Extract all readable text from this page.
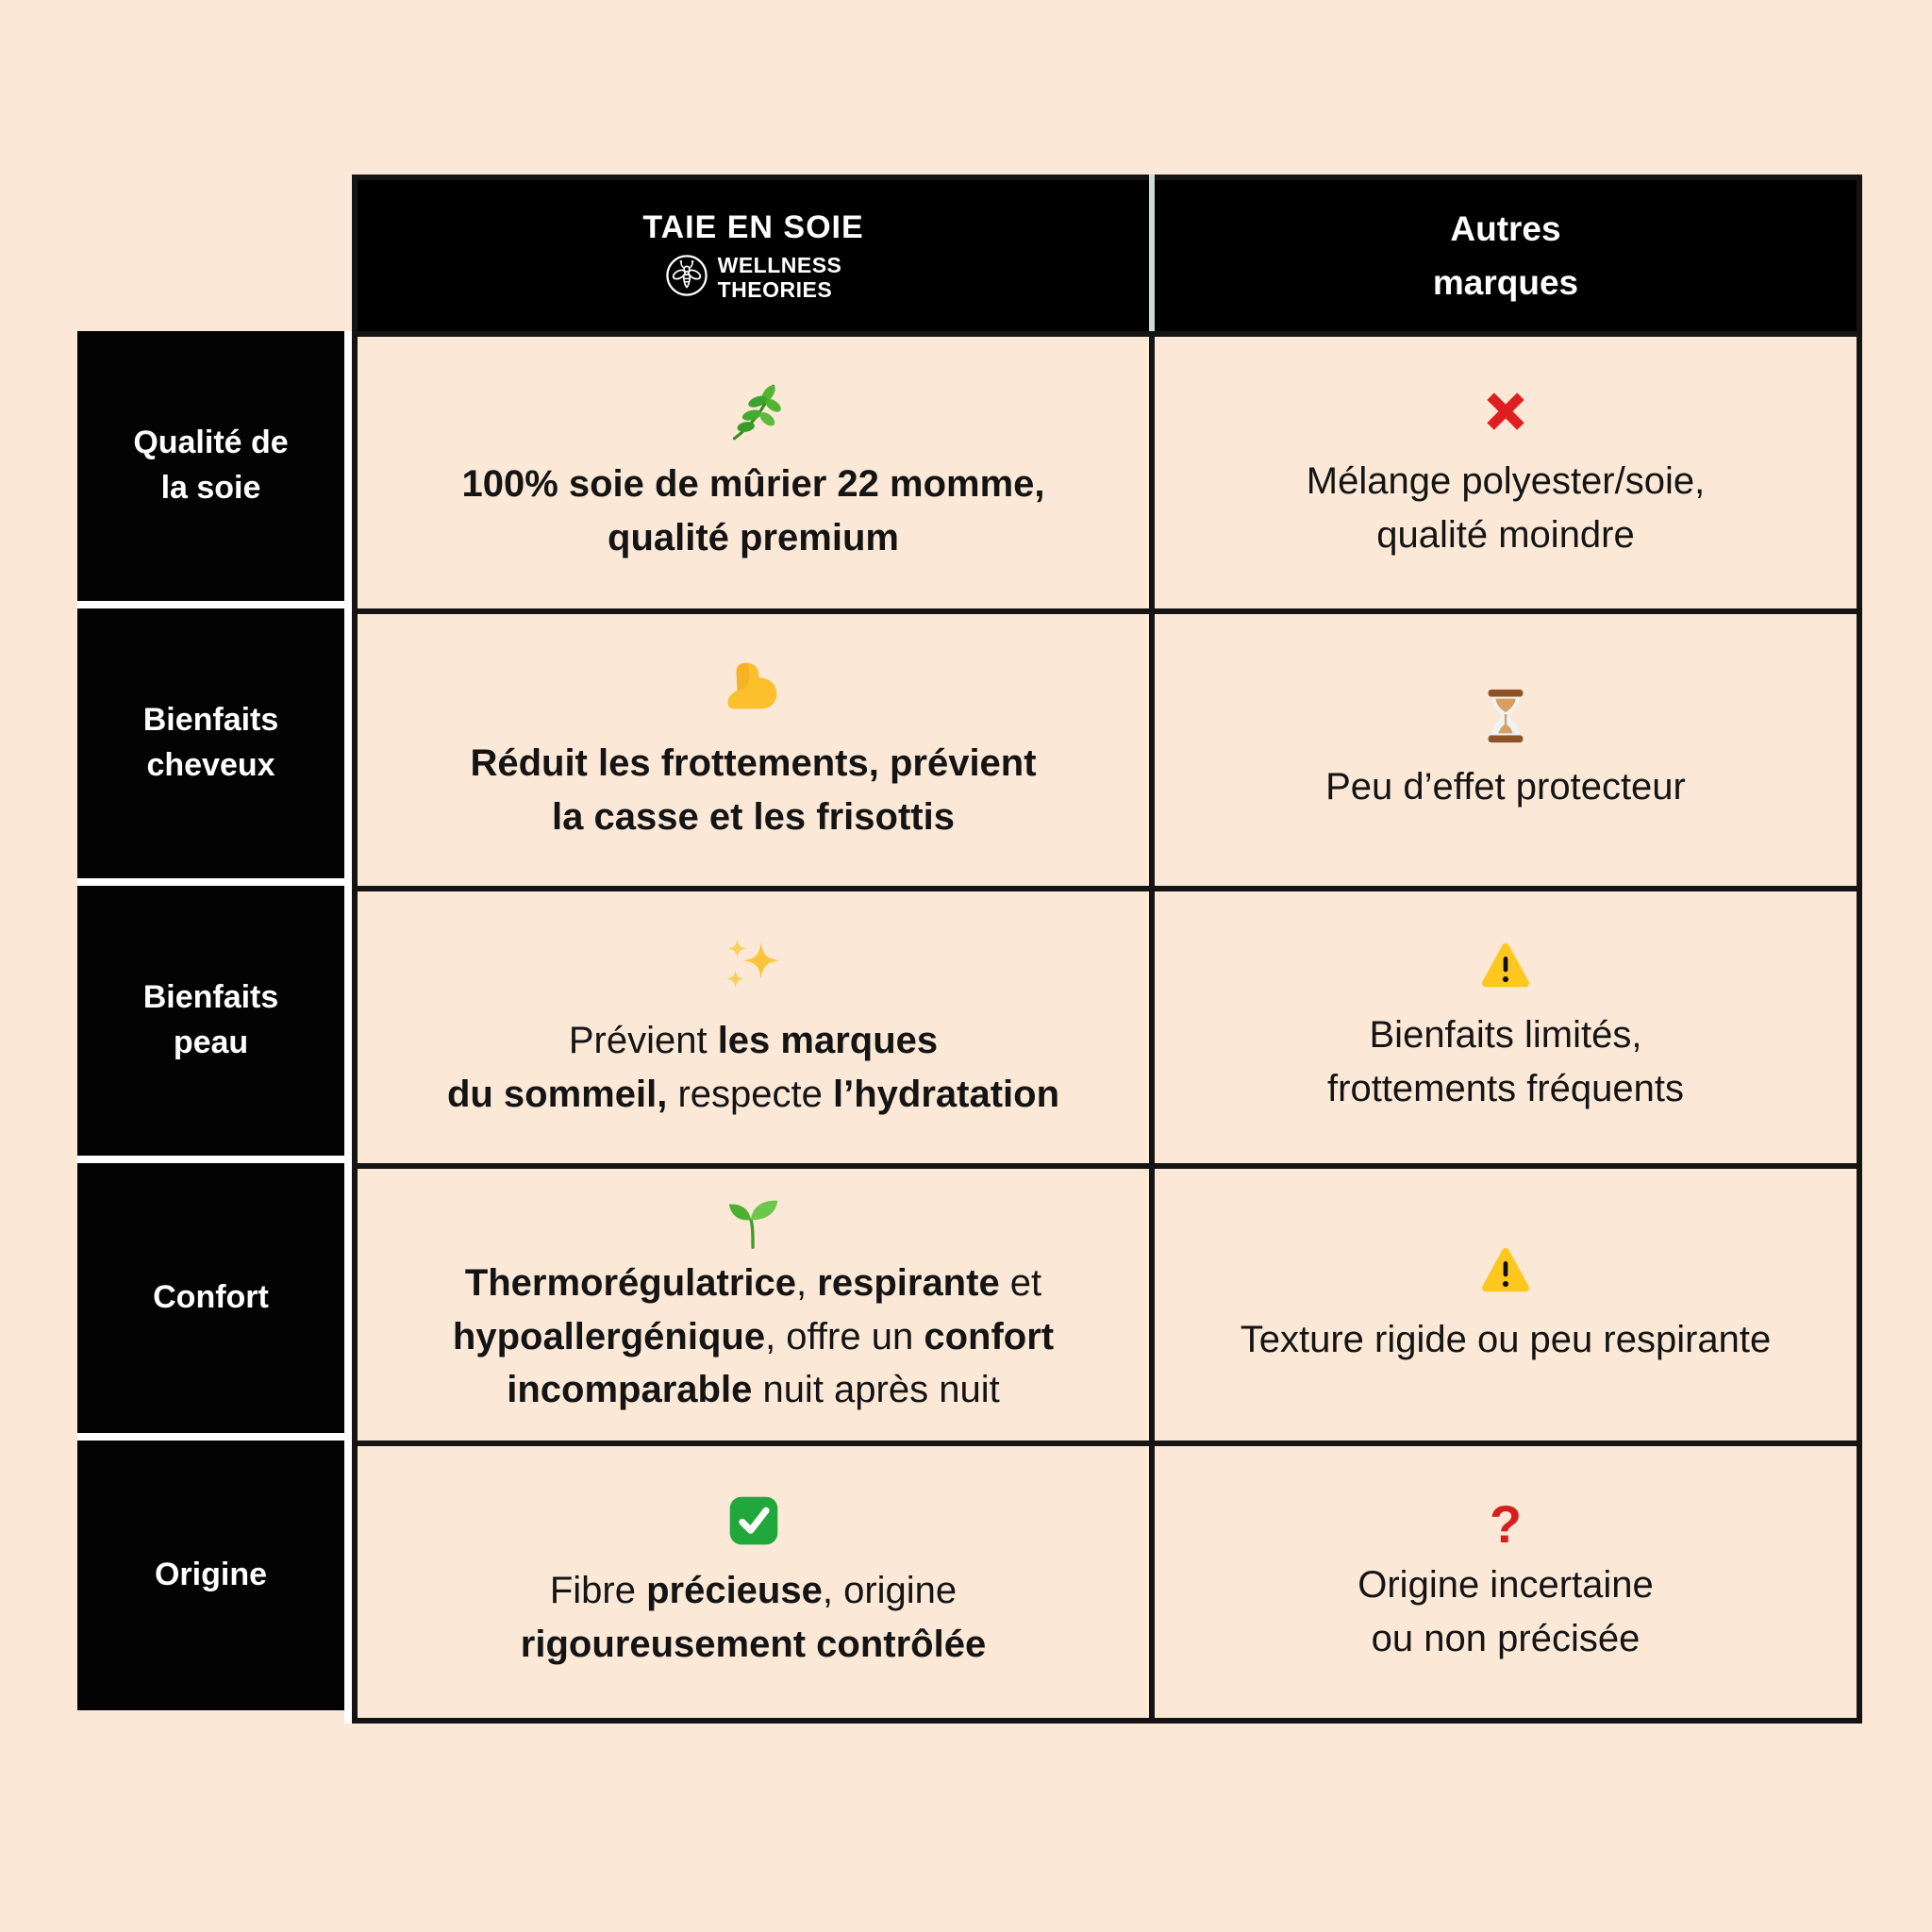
Qualité de
la soie
Bienfaits
cheveux
Bienfaits
peau
Confort
Origine
TAIE EN SOIE
WELLNESS
THEORIES
Autres
marques
100% soie de mûrier 22 momme,
qualité premium
Mélange polyester/soie,
qualité moindre
Réduit les frottements, prévient
la casse et les frisottis
Peu d’effet protecteur
Prévient les marques
du sommeil, respecte l’hydratation
Bienfaits limités,
frottements fréquents
Thermorégulatrice, respirante et
hypoallergénique, offre un confort
incomparable nuit après nuit
Texture rigide ou peu respirante
Fibre précieuse, origine
rigoureusement contrôlée
?
Origine incertaine
ou non précisée
